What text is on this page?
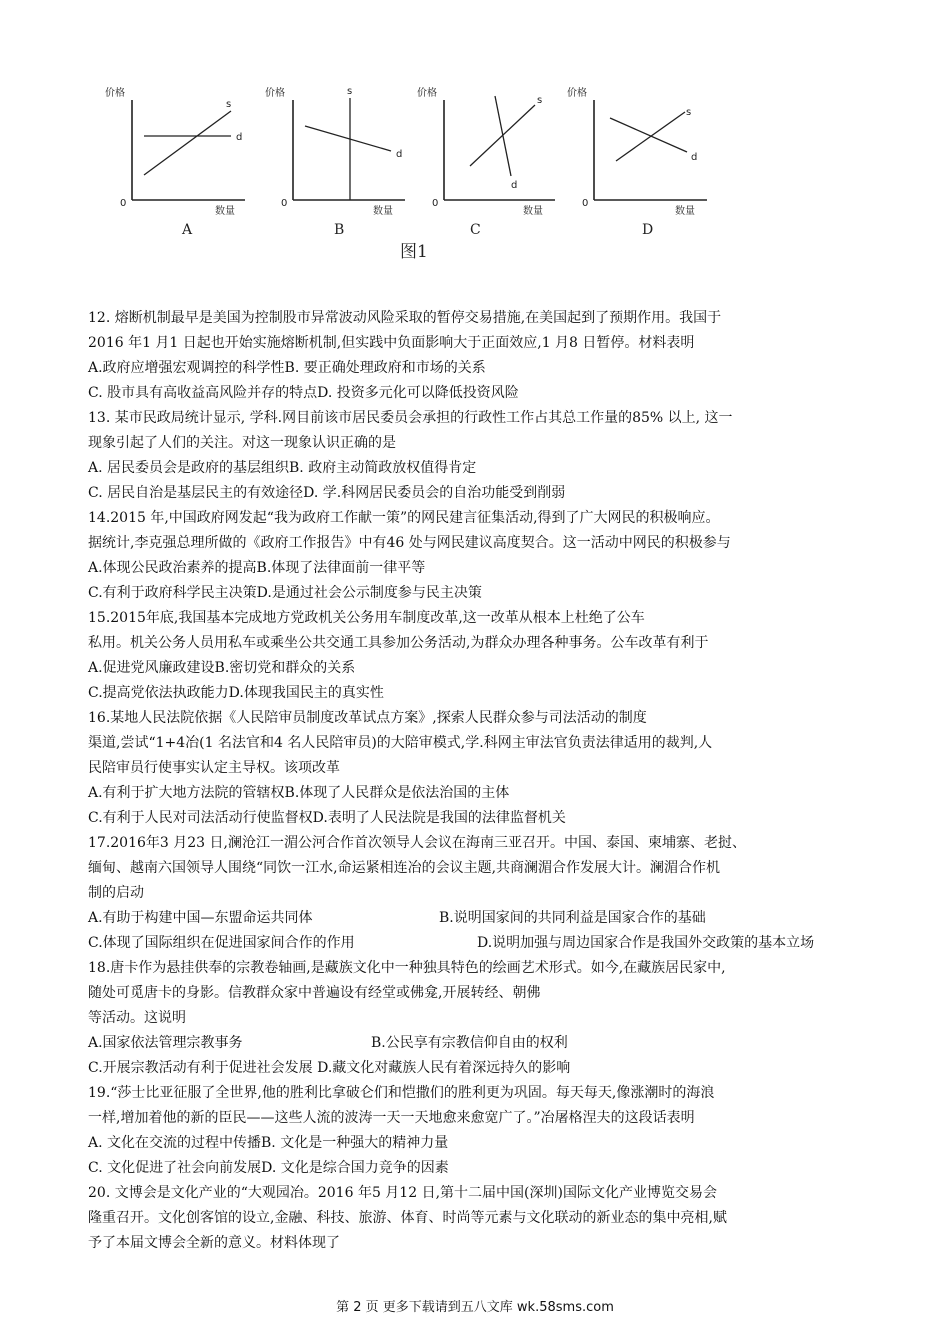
价格
0
数量
s
d
A
价格
0
数量
s
d
B
价格
0
数量
s
d
C
价格
0
数量
s
d
D
图1
12. 熔断机制最早是美国为控制股市异常波动风险采取的暂停交易措施,在美国起到了预期作用。我国于
2016 年1 月1 日起也开始实施熔断机制,但实践中负面影响大于正面效应,1 月8 日暂停。材料表明
A.政府应增强宏观调控的科学性B. 要正确处理政府和市场的关系
C. 股市具有高收益高风险并存的特点D. 投资多元化可以降低投资风险
13. 某市民政局统计显示, 学科.网目前该市居民委员会承担的行政性工作占其总工作量的85% 以上, 这一
现象引起了人们的关注。对这一现象认识正确的是
A. 居民委员会是政府的基层组织B. 政府主动简政放权值得肯定
C. 居民自治是基层民主的有效途径D. 学.科网居民委员会的自治功能受到削弱
14.2015 年,中国政府网发起“我为政府工作献一策”的网民建言征集活动,得到了广大网民的积极响应。
据统计,李克强总理所做的《政府工作报告》中有46 处与网民建议高度契合。这一活动中网民的积极参与
A.体现公民政治素养的提高B.体现了法律面前一律平等
C.有利于政府科学民主决策D.是通过社会公示制度参与民主决策
15.2015年底,我国基本完成地方党政机关公务用车制度改革,这一改革从根本上杜绝了公车
私用。机关公务人员用私车或乘坐公共交通工具参加公务活动,为群众办理各种事务。公车改革有利于
A.促进党风廉政建设B.密切党和群众的关系
C.提高党依法执政能力D.体现我国民主的真实性
16.某地人民法院依据《人民陪审员制度改革试点方案》,探索人民群众参与司法活动的制度
渠道,尝试“1+4冶(1 名法官和4 名人民陪审员)的大陪审模式,学.科网主审法官负责法律适用的裁判,人
民陪审员行使事实认定主导权。该项改革
A.有利于扩大地方法院的管辖权B.体现了人民群众是依法治国的主体
C.有利于人民对司法活动行使监督权D.表明了人民法院是我国的法律监督机关
17.2016年3 月23 日,澜沧江一湄公河合作首次领导人会议在海南三亚召开。中国、泰国、柬埔寨、老挝、
缅甸、越南六国领导人围绕“同饮一江水,命运紧相连冶的会议主题,共商澜湄合作发展大计。澜湄合作机
制的启动
A.有助于构建中国—东盟命运共同体	B.说明国家间的共同利益是国家合作的基础
C.体现了国际组织在促进国家间合作的作用	D.说明加强与周边国家合作是我国外交政策的基本立场
18.唐卡作为悬挂供奉的宗教卷轴画,是藏族文化中一种独具特色的绘画艺术形式。如今,在藏族居民家中,
随处可觅唐卡的身影。信教群众家中普遍设有经堂或佛龛,开展转经、朝佛
等活动。这说明
A.国家依法管理宗教事务	B.公民享有宗教信仰自由的权利
C.开展宗教活动有利于促进社会发展 D.藏文化对藏族人民有着深远持久的影响
19.“莎士比亚征服了全世界,他的胜利比拿破仑们和恺撒们的胜利更为巩固。每天每天,像涨潮时的海浪
一样,增加着他的新的臣民——这些人流的波涛一天一天地愈来愈宽广了。”冶屠格涅夫的这段话表明
A. 文化在交流的过程中传播B. 文化是一种强大的精神力量
C. 文化促进了社会向前发展D. 文化是综合国力竞争的因素
20. 文博会是文化产业的“大观园冶。2016 年5 月12 日,第十二届中国(深圳)国际文化产业博览交易会
隆重召开。文化创客馆的设立,金融、科技、旅游、体育、时尚等元素与文化联动的新业态的集中亮相,赋
予了本届文博会全新的意义。材料体现了
第 2 页 更多下载请到五八文库 wk.58sms.com
